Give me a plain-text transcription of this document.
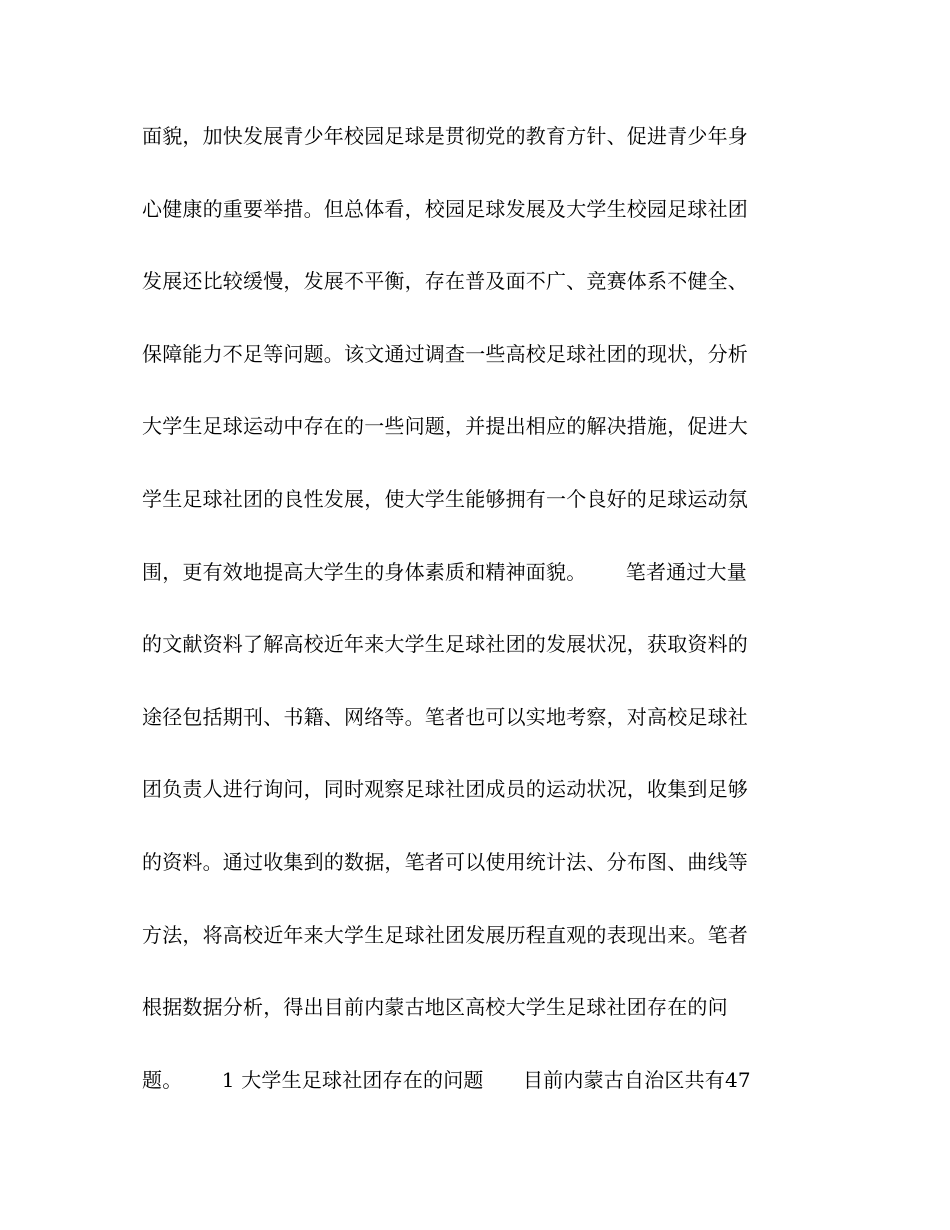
面貌，加快发展青少年校园足球是贯彻党的教育方针、促进青少年身
心健康的重要举措。但总体看，校园足球发展及大学生校园足球社团
发展还比较缓慢，发展不平衡，存在普及面不广、竞赛体系不健全、
保障能力不足等问题。该文通过调查一些高校足球社团的现状，分析
大学生足球运动中存在的一些问题，并提出相应的解决措施，促进大
学生足球社团的良性发展，使大学生能够拥有一个良好的足球运动氛
围，更有效地提高大学生的身体素质和精神面貌。      笔者通过大量
的文献资料了解高校近年来大学生足球社团的发展状况，获取资料的
途径包括期刊、书籍、网络等。笔者也可以实地考察，对高校足球社
团负责人进行询问，同时观察足球社团成员的运动状况，收集到足够
的资料。通过收集到的数据，笔者可以使用统计法、分布图、曲线等
方法，将高校近年来大学生足球社团发展历程直观的表现出来。笔者
根据数据分析，得出目前内蒙古地区高校大学生足球社团存在的问
题。      1 大学生足球社团存在的问题      目前内蒙古自治区共有47
